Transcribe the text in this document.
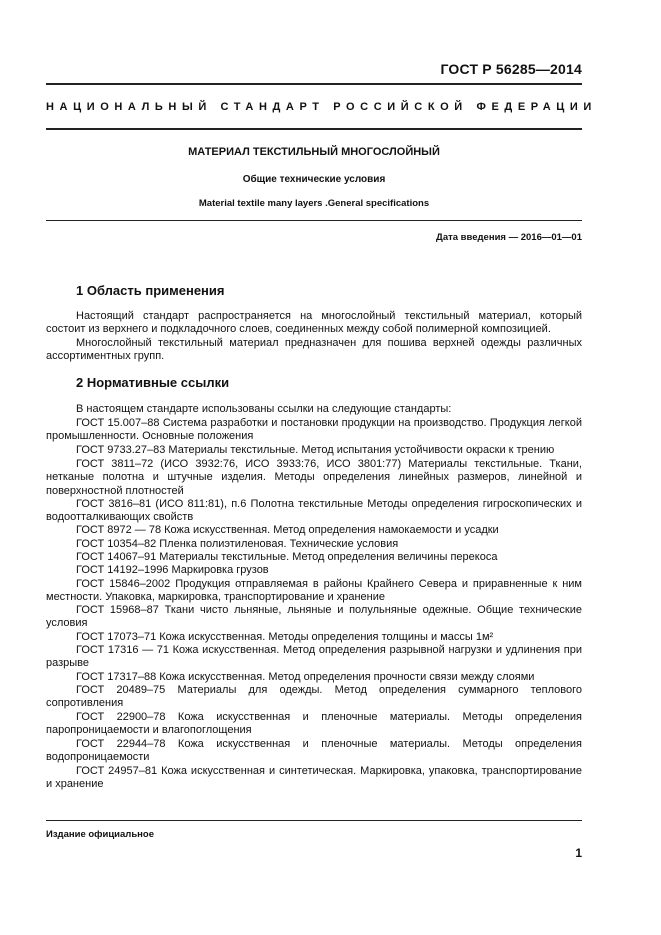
ГОСТ Р 56285—2014
НАЦИОНАЛЬНЫЙ СТАНДАРТ РОССИЙСКОЙ ФЕДЕРАЦИИ
МАТЕРИАЛ ТЕКСТИЛЬНЫЙ МНОГОСЛОЙНЫЙ
Общие технические условия
Material textile many layers .General specifications
Дата введения — 2016—01—01
1 Область применения
Настоящий стандарт распространяется на многослойный текстильный материал, который состоит из верхнего и подкладочного слоев, соединенных между собой полимерной композицией.
Многослойный текстильный материал предназначен для пошива верхней одежды различных ассортиментных групп.
2 Нормативные ссылки
В настоящем стандарте использованы ссылки на следующие стандарты:
ГОСТ 15.007–88 Система разработки и постановки продукции на производство. Продукция легкой промышленности. Основные положения
ГОСТ 9733.27–83 Материалы текстильные. Метод испытания устойчивости окраски к трению
ГОСТ 3811–72 (ИСО 3932:76, ИСО 3933:76, ИСО 3801:77) Материалы текстильные. Ткани, нетканые полотна и штучные изделия. Методы определения линейных размеров, линейной и поверхностной плотностей
ГОСТ 3816–81 (ИСО 811:81), п.6 Полотна текстильные Методы определения гигроскопических и водоотталкивающих свойств
ГОСТ 8972 — 78 Кожа искусственная. Метод определения намокаемости и усадки
ГОСТ 10354–82 Пленка полиэтиленовая. Технические условия
ГОСТ 14067–91 Материалы текстильные. Метод определения величины перекоса
ГОСТ 14192–1996 Маркировка грузов
ГОСТ 15846–2002 Продукция отправляемая в районы Крайнего Севера и приравненные к ним местности. Упаковка, маркировка, транспортирование и хранение
ГОСТ 15968–87 Ткани чисто льняные, льняные и полульняные одежные. Общие технические условия
ГОСТ 17073–71 Кожа искусственная. Методы определения толщины и массы 1м²
ГОСТ 17316 — 71 Кожа искусственная. Метод определения разрывной нагрузки и удлинения при разрыве
ГОСТ 17317–88 Кожа искусственная. Метод определения прочности связи между слоями
ГОСТ 20489–75 Материалы для одежды. Метод определения суммарного теплового сопротивления
ГОСТ 22900–78 Кожа искусственная и пленочные материалы. Методы определения паропроницаемости и влагопоглощения
ГОСТ 22944–78 Кожа искусственная и пленочные материалы. Методы определения водопроницаемости
ГОСТ 24957–81 Кожа искусственная и синтетическая. Маркировка, упаковка, транспортирование и хранение
Издание официальное
1
